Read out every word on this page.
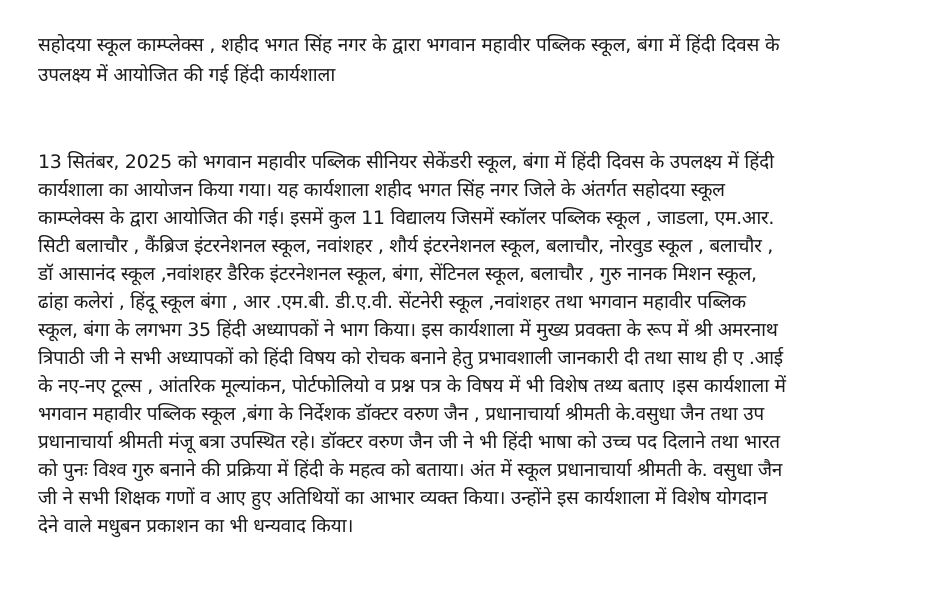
सहोदया स्कूल काम्प्लेक्स , शहीद भगत सिंह नगर के द्वारा भगवान महावीर पब्लिक स्कूल, बंगा में हिंदी दिवस के
उपलक्ष्य में आयोजित की गई हिंदी कार्यशाला
13 सितंबर, 2025 को भगवान महावीर पब्लिक सीनियर सेकेंडरी स्कूल, बंगा में हिंदी दिवस के उपलक्ष्य में हिंदी
कार्यशाला का आयोजन किया गया। यह कार्यशाला शहीद भगत सिंह नगर जिले के अंतर्गत सहोदया स्कूल
काम्प्लेक्स के द्वारा आयोजित की गई। इसमें कुल 11 विद्यालय जिसमें स्कॉलर पब्लिक स्कूल , जाडला, एम.आर.
सिटी बलाचौर , कैंब्रिज इंटरनेशनल स्कूल, नवांशहर , शौर्य इंटरनेशनल स्कूल, बलाचौर, नोरवुड स्कूल , बलाचौर ,
डॉ आसानंद स्कूल ,नवांशहर डैरिक इंटरनेशनल स्कूल, बंगा, सेंटिनल स्कूल, बलाचौर , गुरु नानक मिशन स्कूल,
ढांहा कलेरां , हिंदू स्कूल बंगा , आर .एम.बी. डी.ए.वी. सेंटनेरी स्कूल ,नवांशहर तथा भगवान महावीर पब्लिक
स्कूल, बंगा के लगभग 35 हिंदी अध्यापकों ने भाग किया। इस कार्यशाला में मुख्य प्रवक्ता के रूप में श्री अमरनाथ
त्रिपाठी जी ने सभी अध्यापकों को हिंदी विषय को रोचक बनाने हेतु प्रभावशाली जानकारी दी तथा साथ ही ए .आई
के नए-नए टूल्स , आंतरिक मूल्यांकन, पोर्टफोलियो व प्रश्न पत्र के विषय में भी विशेष तथ्य बताए ।इस कार्यशाला में
भगवान महावीर पब्लिक स्कूल ,बंगा के निर्देशक डॉक्टर वरुण जैन , प्रधानाचार्या श्रीमती के.वसुधा जैन तथा उप
प्रधानाचार्या श्रीमती मंजू बत्रा उपस्थित रहे। डॉक्टर वरुण जैन जी ने भी हिंदी भाषा को उच्च पद दिलाने तथा भारत
को पुनः विश्व गुरु बनाने की प्रक्रिया में हिंदी के महत्व को बताया। अंत में स्कूल प्रधानाचार्या श्रीमती के. वसुधा जैन
जी ने सभी शिक्षक गणों व आए हुए अतिथियों का आभार व्यक्त किया। उन्होंने इस कार्यशाला में विशेष योगदान
देने वाले मधुबन प्रकाशन का भी धन्यवाद किया।
